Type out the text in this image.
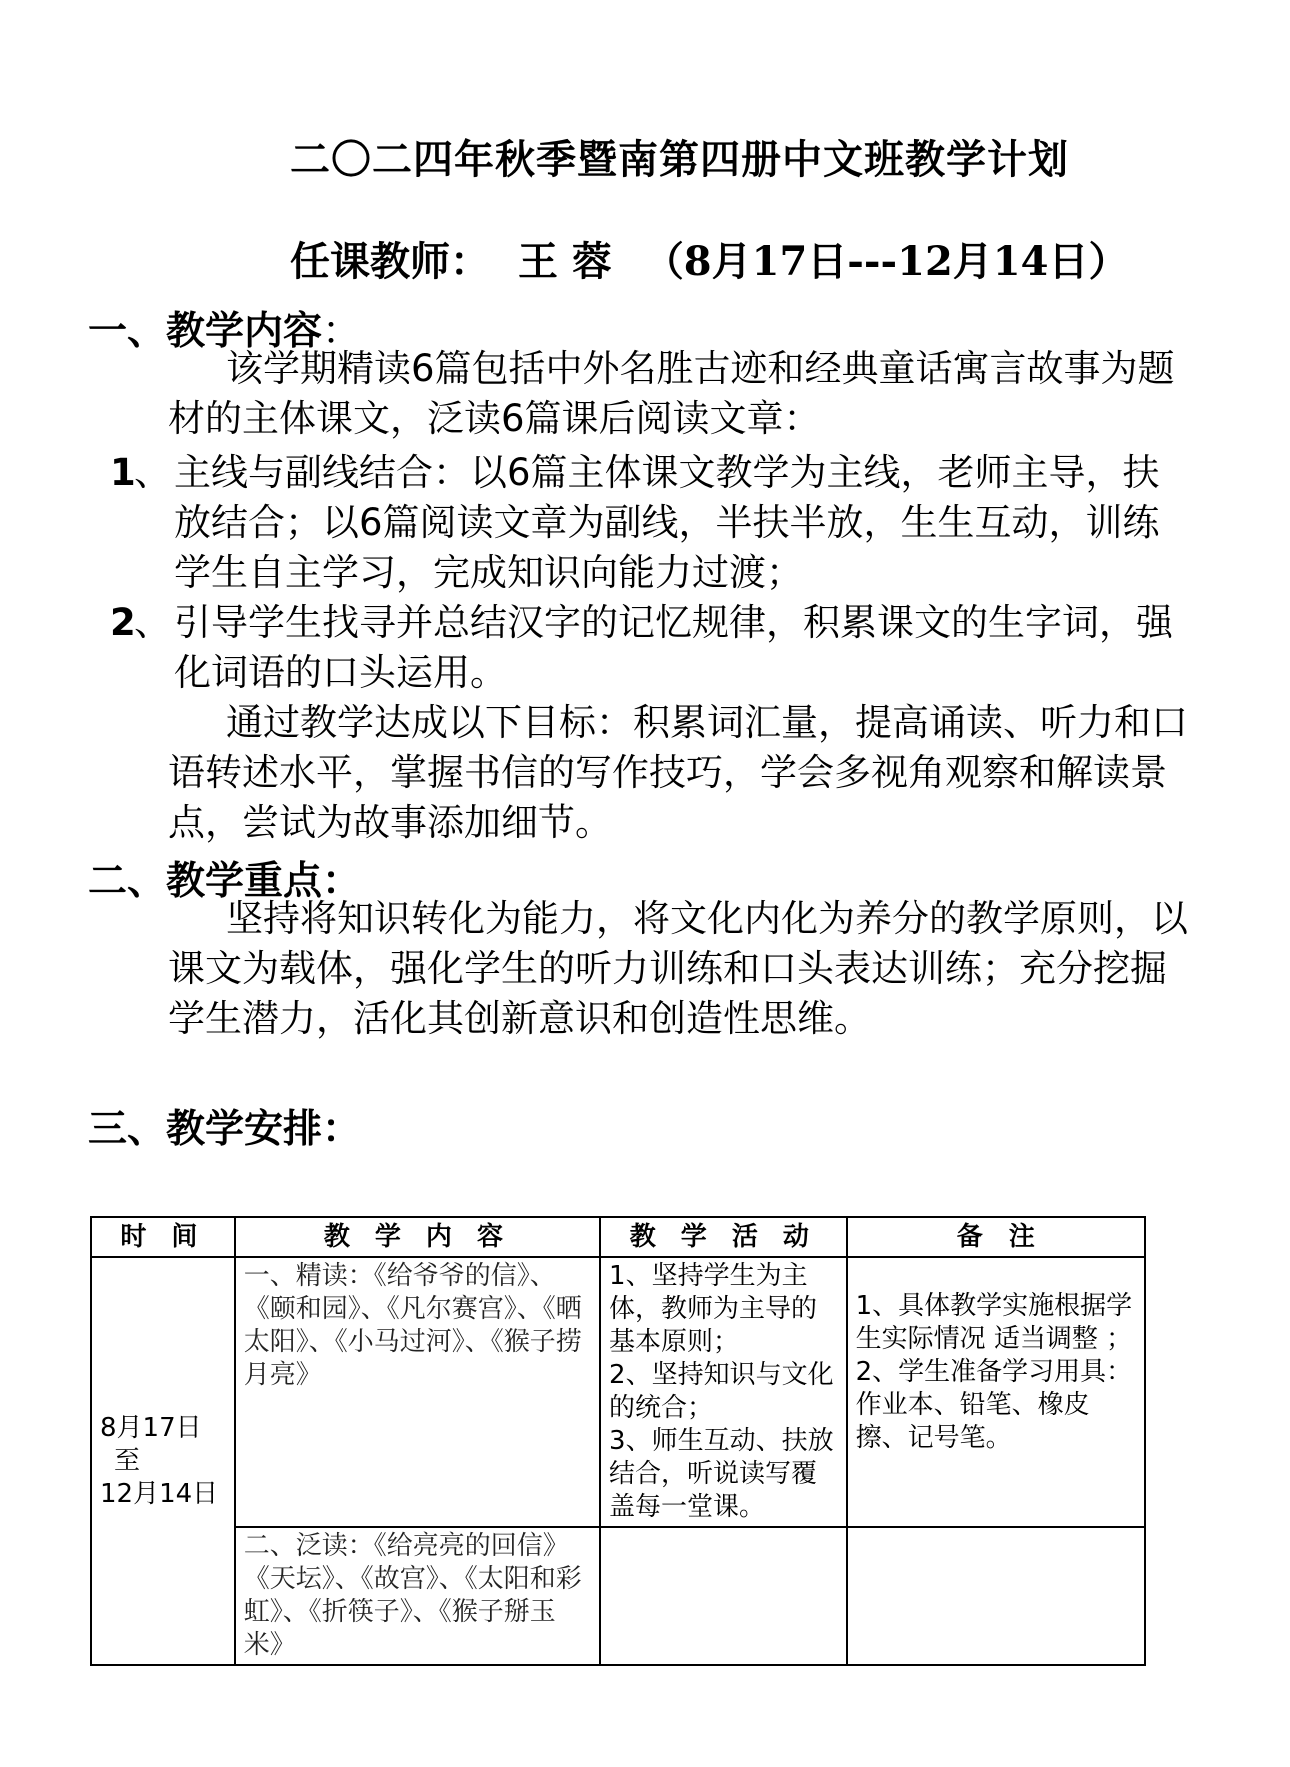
二〇二四年秋季暨南第四册中文班教学计划
任课教师： 王 蓉 （8月17日---12月14日）
一、教学内容：

该学期精读6篇包括中外名胜古迹和经典童话寓言故事为题材的主体课文，泛读6篇课后阅读文章：

1
、 主线与副线结合：以6篇主体课文教学为主线，老师主导，扶放结合；以6篇阅读文章为副线，半扶半放，生生互动，训练学生自主学习，完成知识向能力过渡；
2
、 引导学生找寻并总结汉字的记忆规律，积累课文的生字词，强化词语的口头运用。

通过教学达成以下目标：积累词汇量，提高诵读、听力和口语转述水平，掌握书信的写作技巧，学会多视角观察和解读景点，尝试为故事添加细节。

二、教学重点：

坚持将知识转化为能力，将文化内化为养分的教学原则，以课文为载体，强化学生的听力训练和口头表达训练；充分挖掘学生潜力，活化其创新意识和创造性思维。

三、教学安排：
时 间	教 学 内 容	教 学 活 动	备　注

8月17日
至
12月14日	一、精读：《给爷爷的信》、《颐和园》、《凡尔赛宫》、《晒太阳》、《小马过河》、《猴子捞月亮》	1、坚持学生为主体，教师为主导的基本原则；
2、坚持知识与文化的统合；
3、师生互动、扶放结合，听说读写覆盖每一堂课。	1、具体教学实施根据学生实际情况 适当调整 ；
2、学生准备学习用具：作业本、铅笔、橡皮擦、记号笔。

	二、泛读：《给亮亮的回信》《天坛》、《故宫》、《太阳和彩虹》、《折筷子》、《猴子掰玉米》		
